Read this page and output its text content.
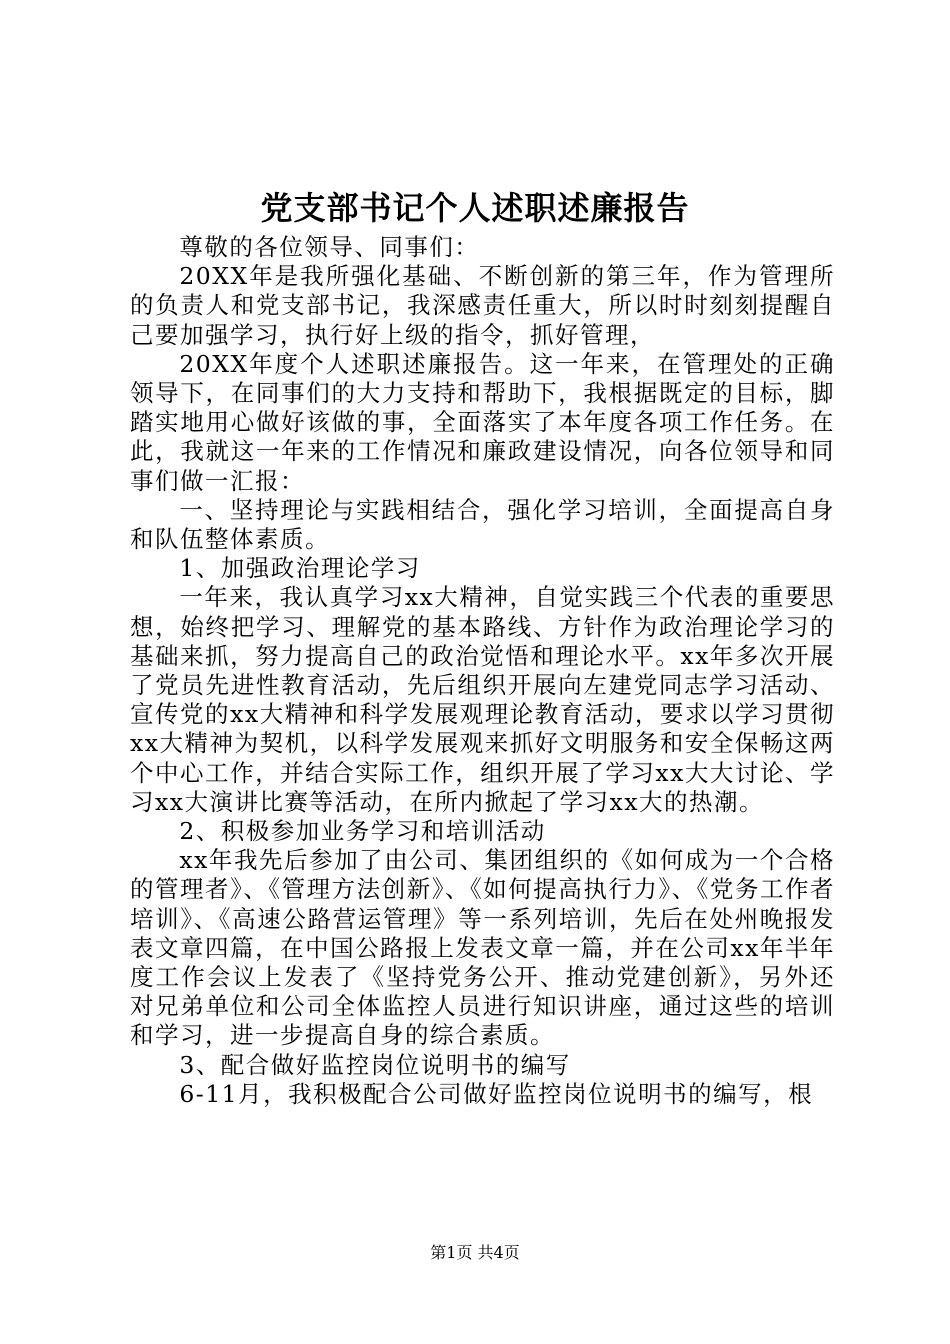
党支部书记个人述职述廉报告

尊敬的各位领导、同事们：

20XX年是我所强化基础、不断创新的第三年，作为管理所的负责人和党支部书记，我深感责任重大，所以时时刻刻提醒自己要加强学习，执行好上级的指令，抓好管理，

20XX年度个人述职述廉报告。这一年来，在管理处的正确领导下，在同事们的大力支持和帮助下，我根据既定的目标，脚踏实地用心做好该做的事，全面落实了本年度各项工作任务。在此，我就这一年来的工作情况和廉政建设情况，向各位领导和同事们做一汇报：

一、坚持理论与实践相结合，强化学习培训，全面提高自身和队伍整体素质。

1、加强政治理论学习

一年来，我认真学习xx大精神，自觉实践三个代表的重要思想，始终把学习、理解党的基本路线、方针作为政治理论学习的基础来抓，努力提高自己的政治觉悟和理论水平。xx年多次开展了党员先进性教育活动，先后组织开展向左建党同志学习活动、宣传党的xx大精神和科学发展观理论教育活动，要求以学习贯彻xx大精神为契机，以科学发展观来抓好文明服务和安全保畅这两个中心工作，并结合实际工作，组织开展了学习xx大大讨论、学习xx大演讲比赛等活动，在所内掀起了学习xx大的热潮。

2、积极参加业务学习和培训活动

xx年我先后参加了由公司、集团组织的《如何成为一个合格的管理者》、《管理方法创新》、《如何提高执行力》、《党务工作者培训》、《高速公路营运管理》等一系列培训，先后在处州晚报发表文章四篇，在中国公路报上发表文章一篇，并在公司xx年半年度工作会议上发表了《坚持党务公开、推动党建创新》，另外还对兄弟单位和公司全体监控人员进行知识讲座，通过这些的培训和学习，进一步提高自身的综合素质。

3、配合做好监控岗位说明书的编写

6-11月，我积极配合公司做好监控岗位说明书的编写，根

第1页 共4页
